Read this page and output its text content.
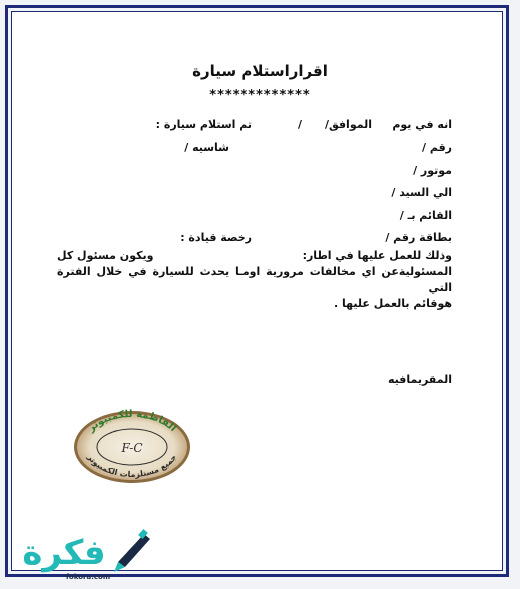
اقراراستلام سيارة
*************
انه في يوم
الموافق
/
/
تم استلام سيارة :
رقم /
شاسيه /
موتور /
الي السيد /
القائم بـ /
بطاقة رقم /
رخصة قيادة :
وذلك للعمل عليها في اطار:
ويكون مسئول كل
المسئوليةعن اي مخالفات مرورية اومـا يحدث للسيارة في خلال الفترة التي
هوقائم بالعمل عليها .
المقريمافيه
الفاطمة للكمبيوتر
جميع مستلزمات الكمبيوتر
F-C
فكرة
fokora.com
